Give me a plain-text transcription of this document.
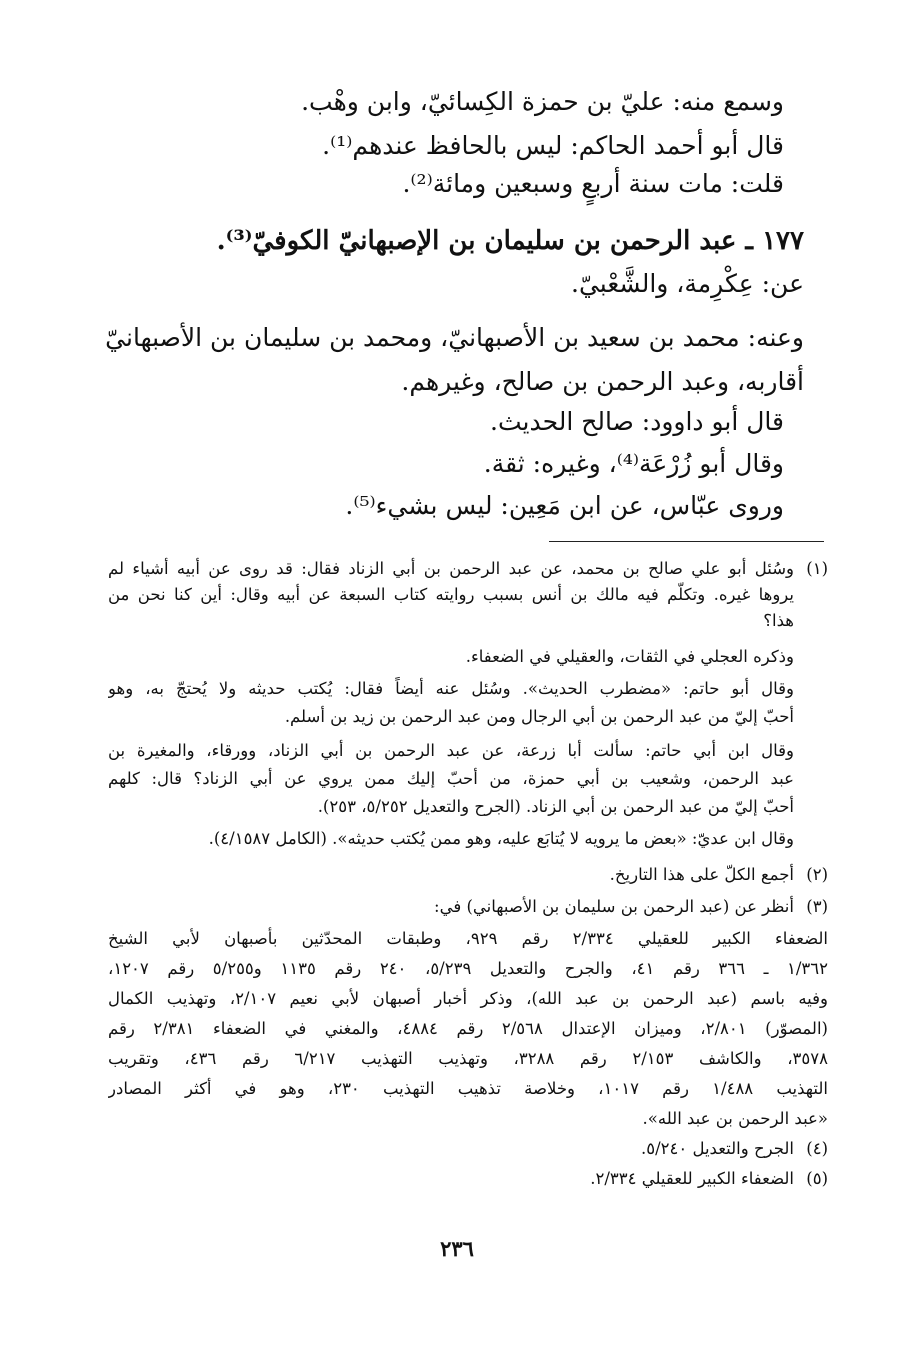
وسمع منه: عليّ بن حمزة الكِسائيّ، وابن وهْب.
قال أبو أحمد الحاكم: ليس بالحافظ عندهم⁽¹⁾.
قلت: مات سنة أربعٍ وسبعين ومائة⁽²⁾.
١٧٧ ـ عبد الرحمن بن سليمان بن الإصبهانيّ الكوفيّ⁽³⁾.
عن: عِكْرِمة، والشَّعْبيّ.
وعنه: محمد بن سعيد بن الأصبهانيّ، ومحمد بن سليمان بن الأصبهانيّ
أقاربه، وعبد الرحمن بن صالح، وغيرهم.
قال أبو داوود: صالح الحديث.
وقال أبو زُرْعَة⁽⁴⁾، وغيره: ثقة.
وروى عبّاس، عن ابن مَعِين: ليس بشيء⁽⁵⁾.
(١)
وسُئل أبو علي صالح بن محمد، عن عبد الرحمن بن أبي الزناد فقال: قد روى عن أبيه أشياء لم
يروها غيره. وتكلّم فيه مالك بن أنس بسبب روايته كتاب السبعة عن أبيه وقال: أين كنا نحن من
هذا؟
وذكره العجلي في الثقات، والعقيلي في الضعفاء.
وقال أبو حاتم: «مضطرب الحديث». وسُئل عنه أيضاً فقال: يُكتب حديثه ولا يُحتجّ به، وهو
أحبّ إليّ من عبد الرحمن بن أبي الرجال ومن عبد الرحمن بن زيد بن أسلم.
وقال ابن أبي حاتم: سألت أبا زرعة، عن عبد الرحمن بن أبي الزناد، وورقاء، والمغيرة بن
عبد الرحمن، وشعيب بن أبي حمزة، من أحبّ إليك ممن يروي عن أبي الزناد؟ قال: كلهم
أحبّ إليّ من عبد الرحمن بن أبي الزناد. (الجرح والتعديل ٥/٢٥٢، ٢٥٣).
وقال ابن عديّ: «بعض ما يرويه لا يُتابَع عليه، وهو ممن يُكتب حديثه». (الكامل ٤/١٥٨٧).
(٢)
أجمع الكلّ على هذا التاريخ.
(٣)
أنظر عن (عبد الرحمن بن سليمان بن الأصبهاني) في:
الضعفاء الكبير للعقيلي ٢/٣٣٤ رقم ٩٢٩، وطبقات المحدّثين بأصبهان لأبي الشيخ
١/٣٦٢ ـ ٣٦٦ رقم ٤١، والجرح والتعديل ٥/٢٣٩، ٢٤٠ رقم ١١٣٥ و٥/٢٥٥ رقم ١٢٠٧،
وفيه باسم (عبد الرحمن بن عبد الله)، وذكر أخبار أصبهان لأبي نعيم ٢/١٠٧، وتهذيب الكمال
(المصوّر) ٢/٨٠١، وميزان الإعتدال ٢/٥٦٨ رقم ٤٨٨٤، والمغني في الضعفاء ٢/٣٨١ رقم
٣٥٧٨، والكاشف ٢/١٥٣ رقم ٣٢٨٨، وتهذيب التهذيب ٦/٢١٧ رقم ٤٣٦، وتقريب
التهذيب ١/٤٨٨ رقم ١٠١٧، وخلاصة تذهيب التهذيب ٢٣٠، وهو في أكثر المصادر
«عبد الرحمن بن عبد الله».
(٤)
الجرح والتعديل ٥/٢٤٠.
(٥)
الضعفاء الكبير للعقيلي ٢/٣٣٤.
٢٣٦
